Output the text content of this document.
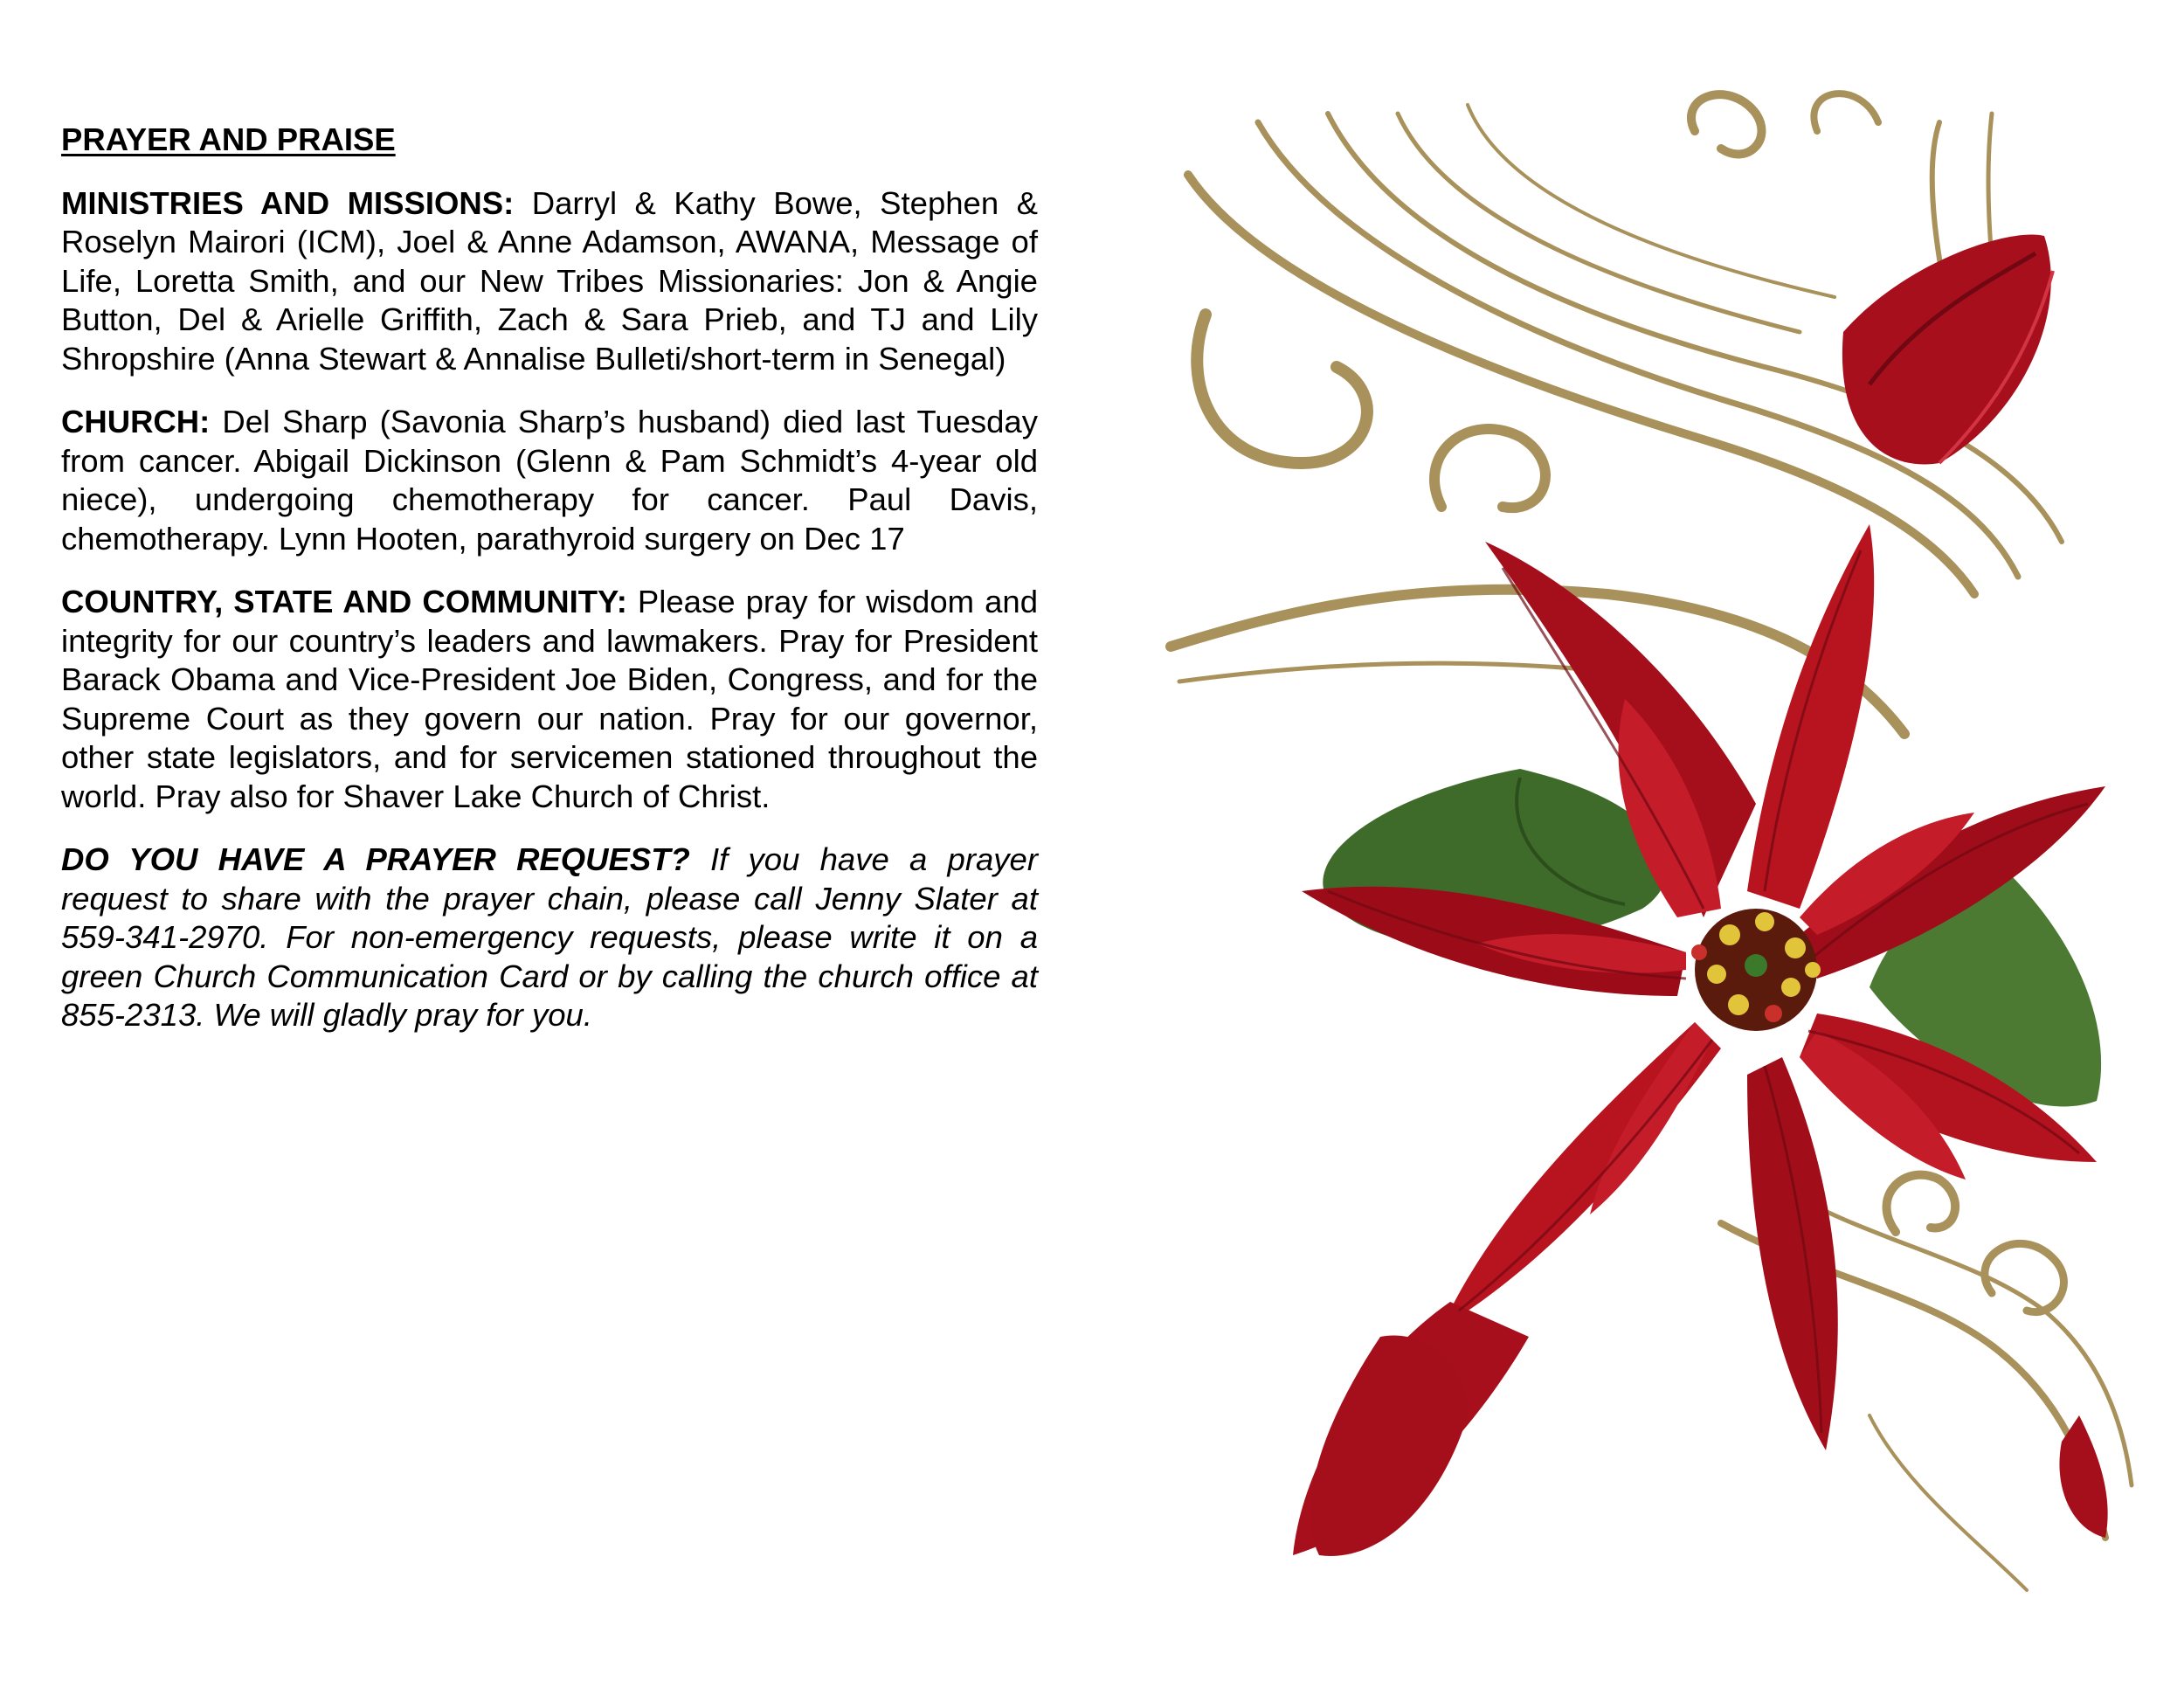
PRAYER AND PRAISE

MINISTRIES AND MISSIONS: Darryl & Kathy Bowe, Stephen & Roselyn Mairori (ICM), Joel & Anne Adamson, AWANA, Message of Life, Loretta Smith, and our New Tribes Missionaries: Jon & Angie Button, Del & Arielle Griffith, Zach & Sara Prieb, and TJ and Lily Shropshire (Anna Stewart & Annalise Bulleti/short-term in Senegal)

CHURCH: Del Sharp (Savonia Sharp’s husband) died last Tuesday from cancer. Abigail Dickinson (Glenn & Pam Schmidt’s 4-year old niece), undergoing chemotherapy for cancer. Paul Davis, chemotherapy. Lynn Hooten, parathyroid surgery on Dec 17

COUNTRY, STATE AND COMMUNITY: Please pray for wisdom and integrity for our country’s leaders and lawmakers. Pray for President Barack Obama and Vice-President Joe Biden, Congress, and for the Supreme Court as they govern our nation. Pray for our governor, other state legislators, and for servicemen stationed throughout the world. Pray also for Shaver Lake Church of Christ.

DO YOU HAVE A PRAYER REQUEST? If you have a prayer request to share with the prayer chain, please call Jenny Slater at 559-341-2970. For non-emergency requests, please write it on a green Church Communication Card or by calling the church office at 855-2313. We will gladly pray for you.
